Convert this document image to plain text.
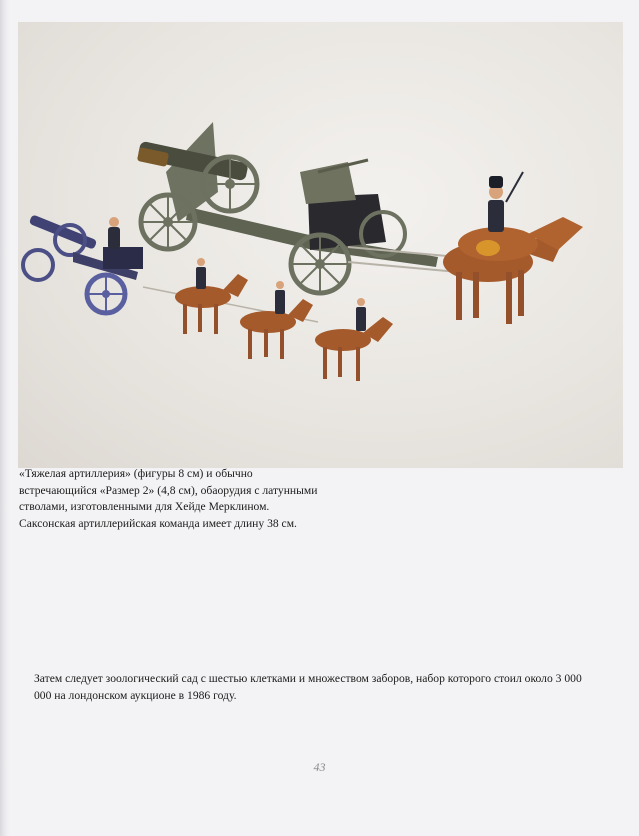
«Тяжелая артиллерия» (фигуры 8 см) и обычно встречающийся «Размер 2» (4,8 см), обаорудия с латунными стволами, изготовленными для Хейде Мерклином. Саксонская артиллерийская команда имеет длину 38 см.

Затем следует зоологический сад с шестью клетками и множеством заборов, набор которого стоил около 3 000 000 на лондонском аукционе в 1986 году.

43
